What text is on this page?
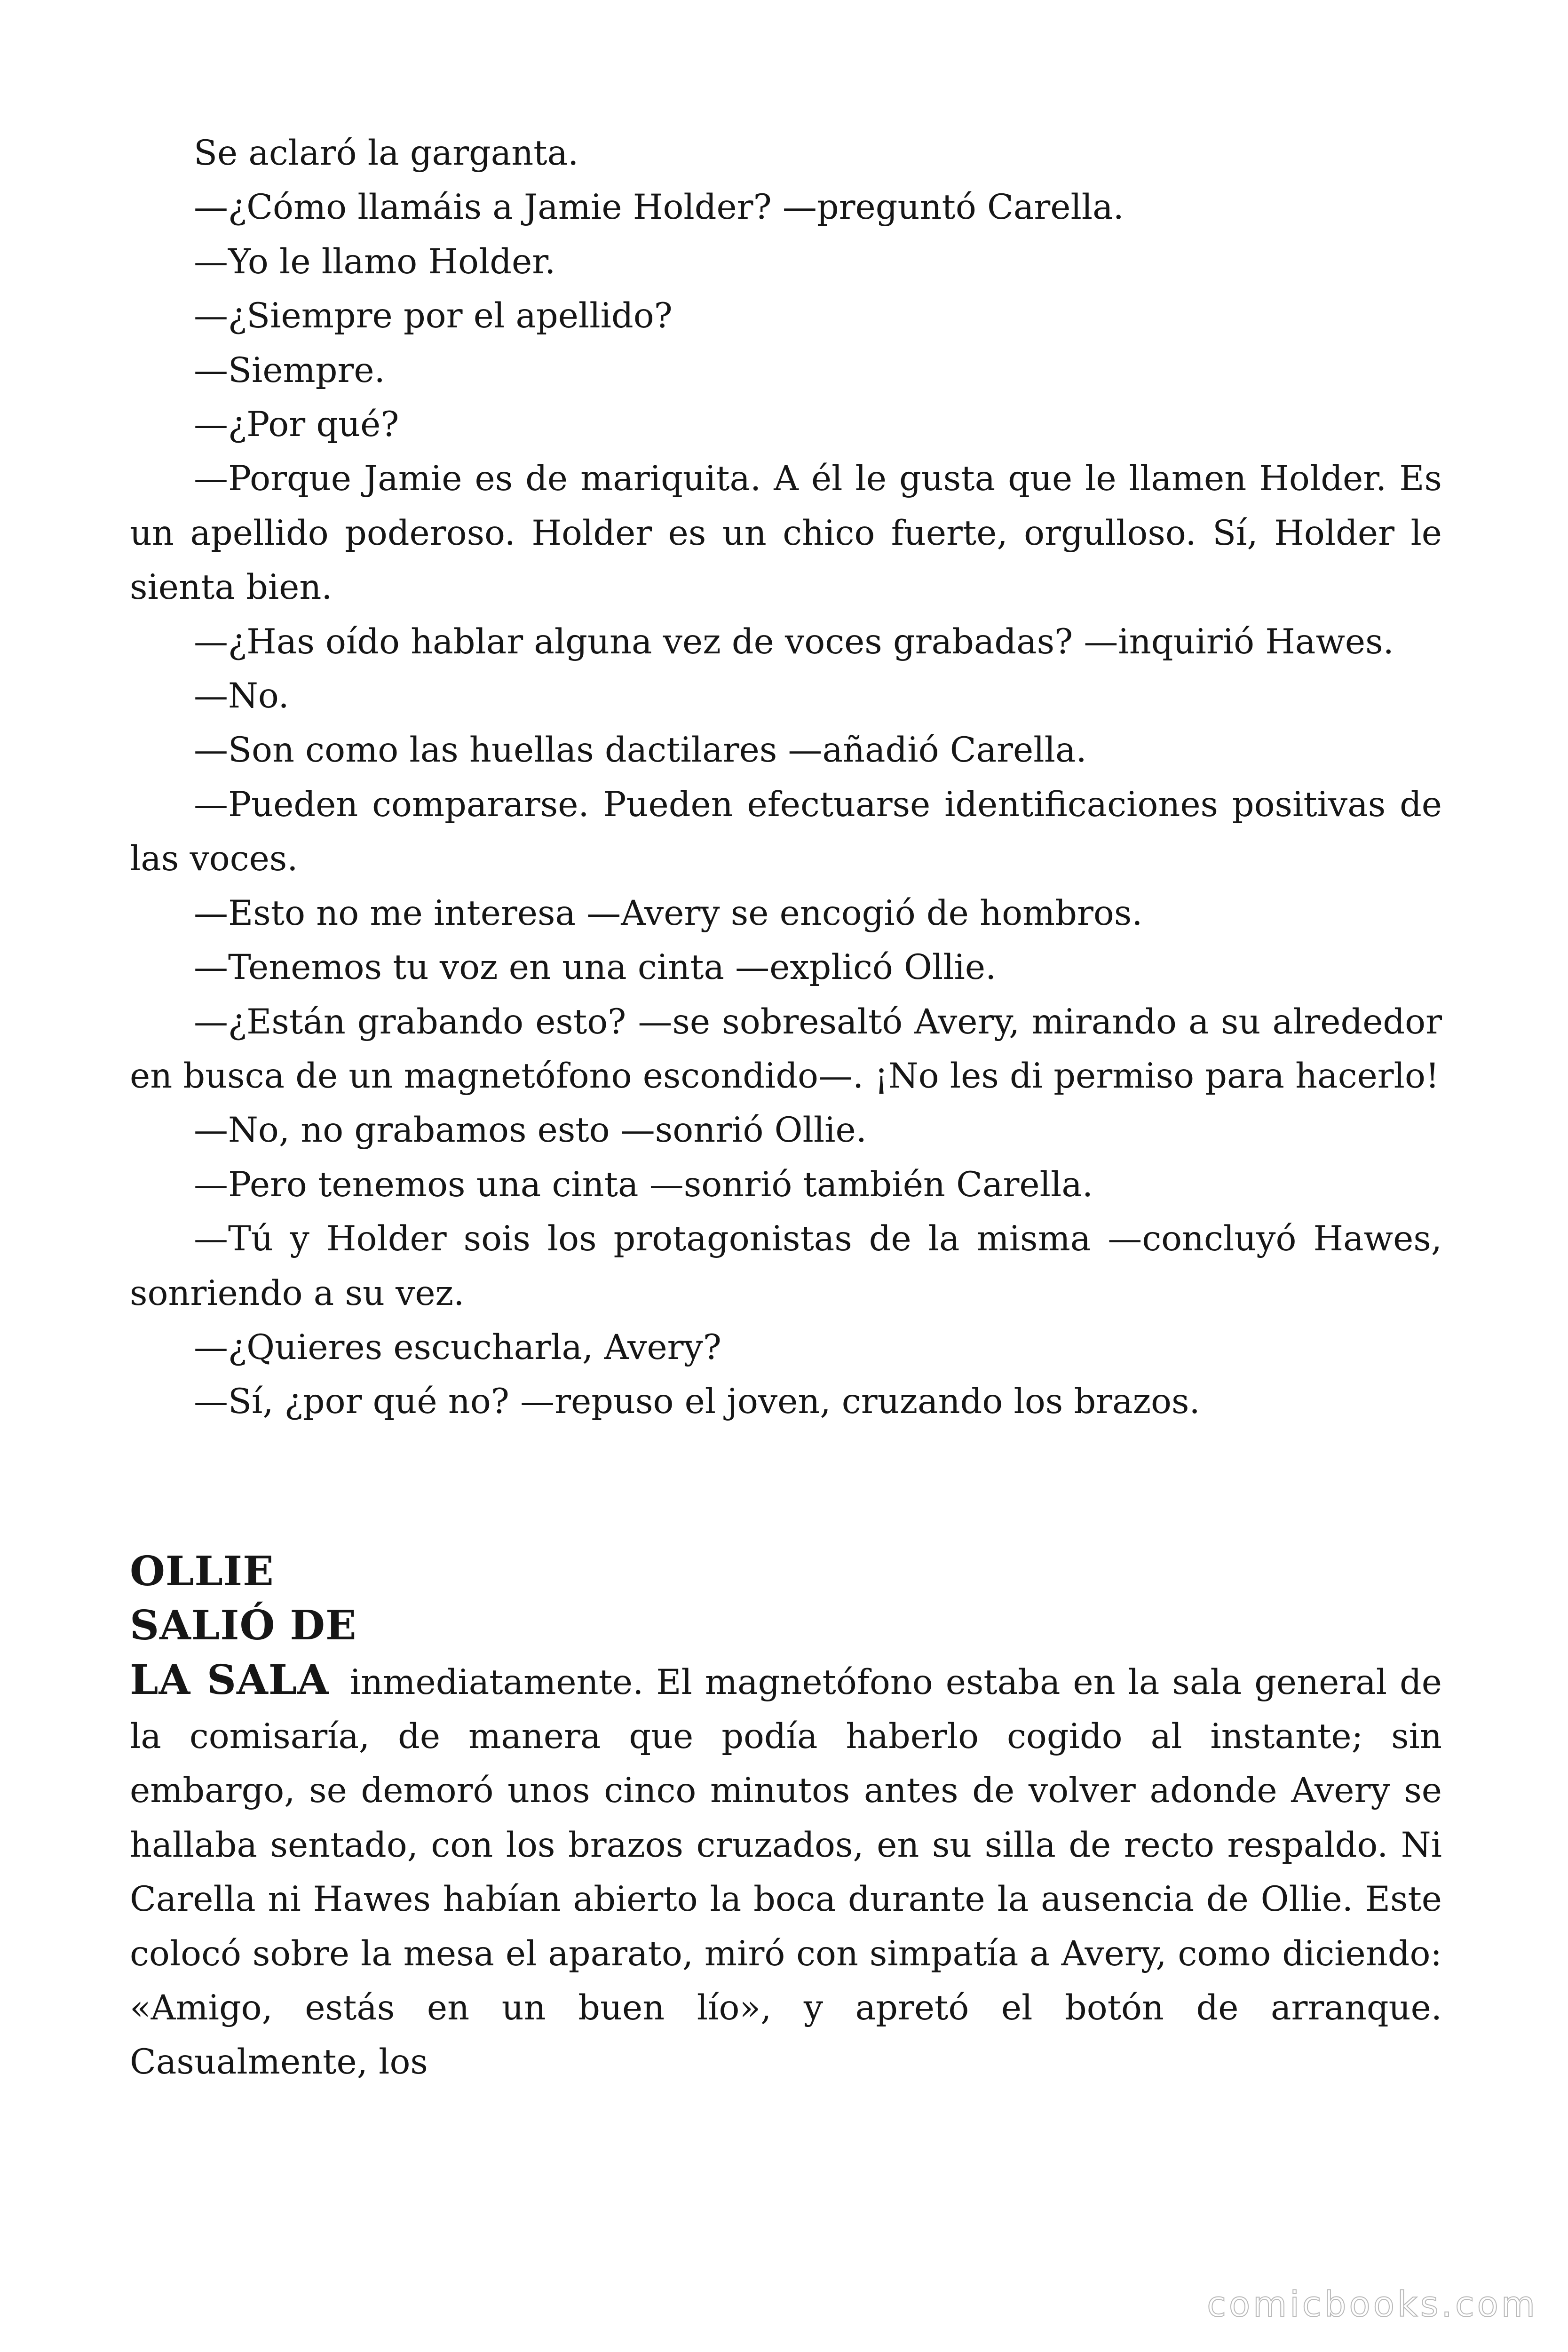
Se aclaró la garganta.

—¿Cómo llamáis a Jamie Holder? —preguntó Carella.

—Yo le llamo Holder.

—¿Siempre por el apellido?

—Siempre.

—¿Por qué?

—Porque Jamie es de mariquita. A él le gusta que le llamen Holder. Es un apellido poderoso. Holder es un chico fuerte, orgulloso. Sí, Holder le sienta bien.

—¿Has oído hablar alguna vez de voces grabadas? —inquirió Hawes.

—No.

—Son como las huellas dactilares —añadió Carella.

—Pueden compararse. Pueden efectuarse identificaciones positivas de las voces.

—Esto no me interesa —Avery se encogió de hombros.

—Tenemos tu voz en una cinta —explicó Ollie.

—¿Están grabando esto? —se sobresaltó Avery, mirando a su alrededor en busca de un magnetófono escondido—. ¡No les di permiso para hacerlo!

—No, no grabamos esto —sonrió Ollie.

—Pero tenemos una cinta —sonrió también Carella.

—Tú y Holder sois los protagonistas de la misma —concluyó Hawes, sonriendo a su vez.

—¿Quieres escucharla, Avery?

—Sí, ¿por qué no? —repuso el joven, cruzando los brazos.

OLLIE
SALIÓ DE
LA SALA inmediatamente. El magnetófono estaba en la sala general de la comisaría, de manera que podía haberlo cogido al instante; sin embargo, se demoró unos cinco minutos antes de volver adonde Avery se hallaba sentado, con los brazos cruzados, en su silla de recto respaldo. Ni Carella ni Hawes habían abierto la boca durante la ausencia de Ollie. Este colocó sobre la mesa el aparato, miró con simpatía a Avery, como diciendo: «Amigo, estás en un buen lío», y apretó el botón de arranque. Casualmente, los
comicbooks.com
